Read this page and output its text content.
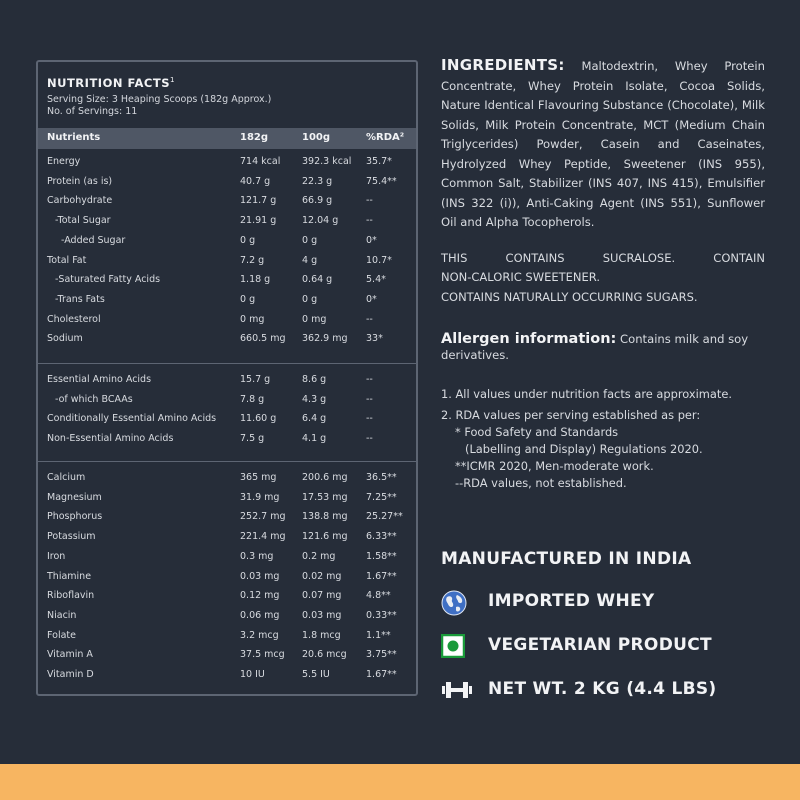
NUTRITION FACTS$^1$
Serving Size: 3 Heaping Scoops (182g Approx.)
No. of Servings: 11
Nutrients	182g	100g	%RDA²
Energy	714 kcal 392.3 kcal 35.7*
Protein (as is)	40.7 g	22.3 g	75.4**
Carbohydrate	121.7 g	66.9 g	--
-Total Sugar	21.91 g	12.04 g	--
-Added Sugar	0 g	0 g	0*
Total Fat	7.2 g	4 g	10.7*
-Saturated Fatty Acids	1.18 g	0.64 g	5.4*
-Trans Fats	0 g	0 g	0*
Cholesterol	0 mg	0 mg	--
Sodium	660.5 mg 362.9 mg 33*
Essential Amino Acids	15.7 g	8.6 g	--
-of which BCAAs	7.8 g	4.3 g	--
Conditionally Essential Amino Acids	11.60 g	6.4 g	--
Non-Essential Amino Acids	7.5 g	4.1 g	--
Calcium	365 mg	200.6 mg 36.5**
Magnesium	31.9 mg 17.53 mg 7.25**
Phosphorus	252.7 mg 138.8 mg 25.27**
Potassium	221.4 mg 121.6 mg 6.33**
Iron	0.3 mg	0.2 mg	1.58**
Thiamine	0.03 mg 0.02 mg	1.67**
Riboflavin	0.12 mg 0.07 mg	4.8**
Niacin	0.06 mg 0.03 mg	0.33**
Folate	3.2 mcg 1.8 mcg	1.1**
Vitamin A	37.5 mcg 20.6 mcg 3.75**
Vitamin D	10 IU	5.5 IU	1.67**

INGREDIENTS: Maltodextrin, Whey Protein Concentrate, Whey Protein Isolate, Cocoa Solids, Nature Identical Flavouring Substance (Chocolate), Milk Solids, Milk Protein Concentrate, MCT (Medium Chain Triglycerides) Powder, Casein and Caseinates, Hydrolyzed Whey Peptide, Sweetener (INS 955), Common Salt, Stabilizer (INS 407, INS 415), Emulsifier (INS 322 (i)), Anti-Caking Agent (INS 551), Sunflower Oil and Alpha Tocopherols.

THIS CONTAINS SUCRALOSE. CONTAIN

NON-CALORIC SWEETENER.

CONTAINS NATURALLY OCCURRING SUGARS.

Allergen information: Contains milk and soy derivatives.

1. All values under nutrition facts are approximate.
2. RDA values per serving established as per:
* Food Safety and Standards
(Labelling and Display) Regulations 2020.
**ICMR 2020, Men-moderate work.
--RDA values, not established.
MANUFACTURED IN INDIA
IMPORTED WHEY
VEGETARIAN PRODUCT
NET WT. 2 KG (4.4 LBS)
